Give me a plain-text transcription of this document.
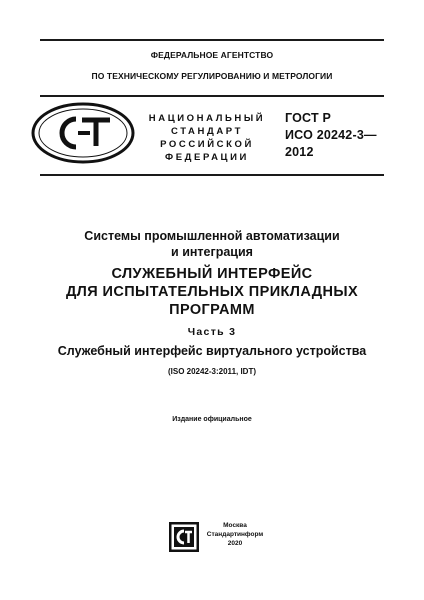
ФЕДЕРАЛЬНОЕ АГЕНТСТВО
ПО ТЕХНИЧЕСКОМУ РЕГУЛИРОВАНИЮ И МЕТРОЛОГИИ
НАЦИОНАЛЬНЫЙ
СТАНДАРТ
РОССИЙСКОЙ
ФЕДЕРАЦИИ
ГОСТ Р
ИСО 20242-3—
2012
Системы промышленной автоматизации
и интеграция
СЛУЖЕБНЫЙ ИНТЕРФЕЙС
ДЛЯ ИСПЫТАТЕЛЬНЫХ ПРИКЛАДНЫХ
ПРОГРАММ
Часть 3
Служебный интерфейс виртуального устройства
(ISO 20242-3:2011, IDT)
Издание официальное
Москва
Стандартинформ
2020
